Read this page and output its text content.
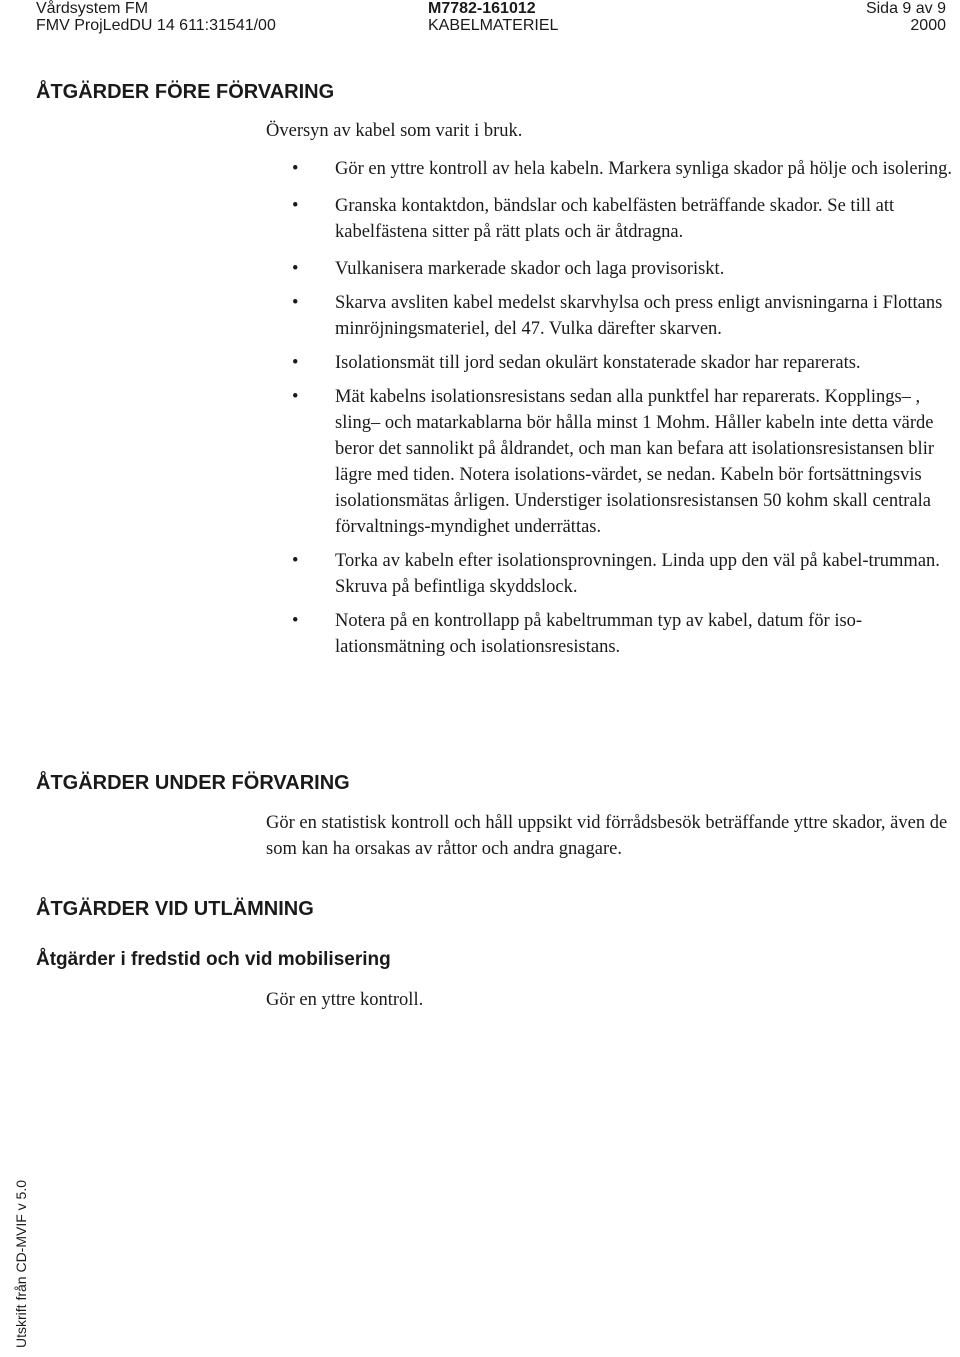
Vårdsystem FM
FMV ProjLedDU 14 611:31541/00
M7782-161012
KABELMATERIEL
Sida 9 av 9
2000
ÅTGÄRDER FÖRE FÖRVARING

Översyn av kabel som varit i bruk.

•	Gör en yttre kontroll av hela kabeln. Markera synliga skador på hölje och isolering.
•	Granska kontaktdon, bändslar och kabelfästen beträffande skador. Se till att kabelfästena sitter på rätt plats och är åtdragna.
•	Vulkanisera markerade skador och laga provisoriskt.
•	Skarva avsliten kabel medelst skarvhylsa och press enligt anvisningarna i Flottans minröjningsmateriel, del 47. Vulka därefter skarven.
•	Isolationsmät till jord sedan okulärt konstaterade skador har reparerats.
•	Mät kabelns isolationsresistans sedan alla punktfel har reparerats. Kopplings– , sling– och matarkablarna bör hålla minst 1 Mohm. Håller kabeln inte detta värde beror det sannolikt på åldrandet, och man kan befara att isolationsresistansen blir lägre med tiden. Notera isolations-värdet, se nedan. Kabeln bör fortsättningsvis isolationsmätas årligen. Understiger isolationsresistansen 50 kohm skall centrala förvaltnings-myndighet underrättas.
•	Torka av kabeln efter isolationsprovningen. Linda upp den väl på kabel-trumman. Skruva på befintliga skyddslock.
•	Notera på en kontrollapp på kabeltrumman typ av kabel, datum för iso-lationsmätning och isolationsresistans.
ÅTGÄRDER UNDER FÖRVARING

Gör en statistisk kontroll och håll uppsikt vid förrådsbesök beträffande yttre skador, även de som kan ha orsakas av råttor och andra gnagare.

ÅTGÄRDER VID UTLÄMNING
Åtgärder i fredstid och vid mobilisering

Gör en yttre kontroll.

Utskrift från CD-MVIF v 5.0
